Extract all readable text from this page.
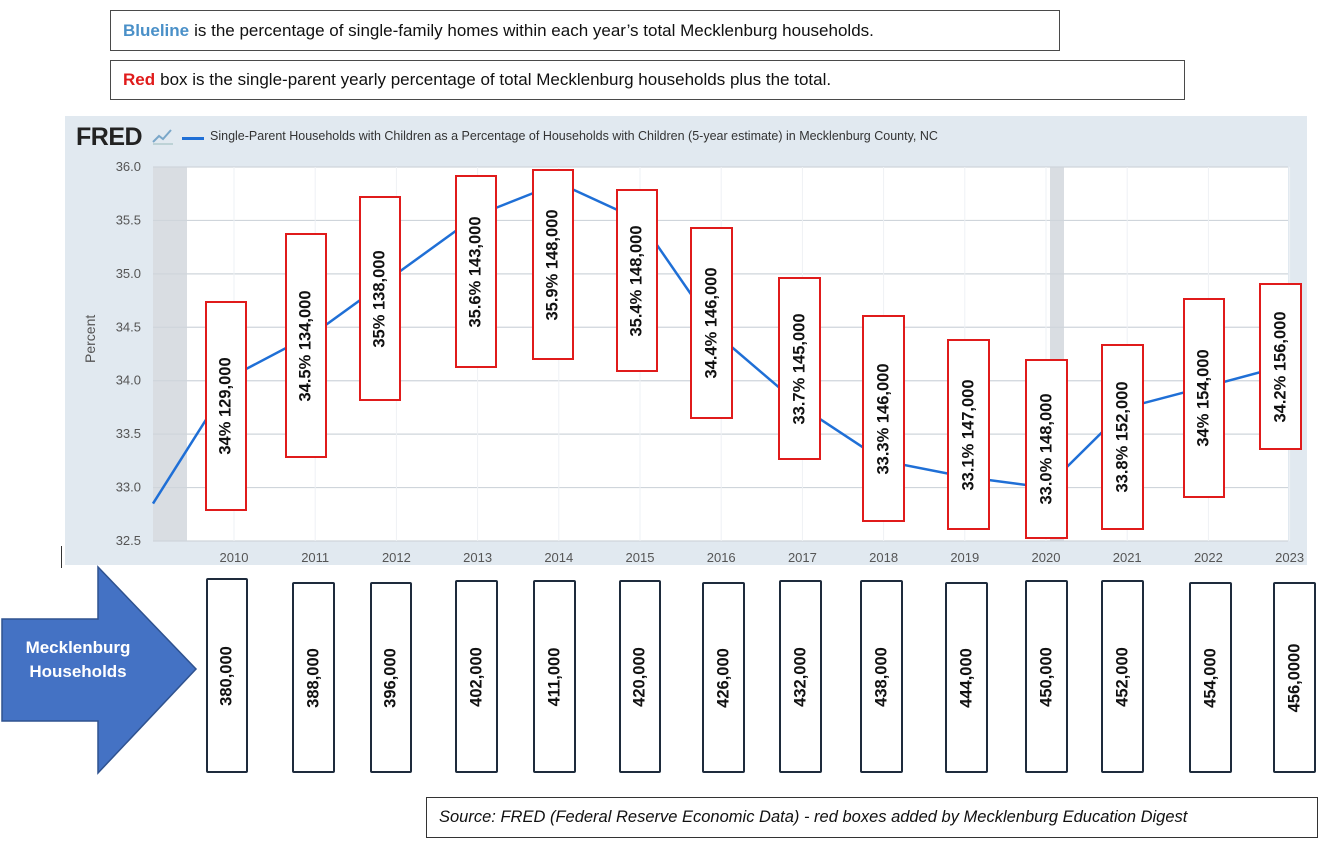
Blueline is the percentage of single-family homes within each year’s total Mecklenburg households.
Red box is the single-parent yearly percentage of total Mecklenburg households plus the total.
FRED	Single-Parent Households with Children as a Percentage of Households with Children (5-year estimate) in Mecklenburg County, NC
36.0
35.5
35.0
34.5
34.0
33.5
33.0
32.5
2010	2011	2012	2013	2014	2015	2016	2017	2018	2019	2020	2021	2022	2023
34% 129,000
34.5% 134,000	35% 138,000	35.6% 143,000	35.9% 148,000	35.4% 148,000	34.4% 146,000	33.7% 145,000	33.3% 146,000	33.1% 147,000	33.0% 148,000	33.8% 152,000	34% 154,000	34.2% 156,000
Mecklenburg
Households	380,000	388,000	396,000	402,000	411,000	420,000	426,000	432,000	438,000	444,000	450,000	452,000	454,000	456,0000
Source: FRED (Federal Reserve Economic Data) - red boxes added by Mecklenburg Education Digest
